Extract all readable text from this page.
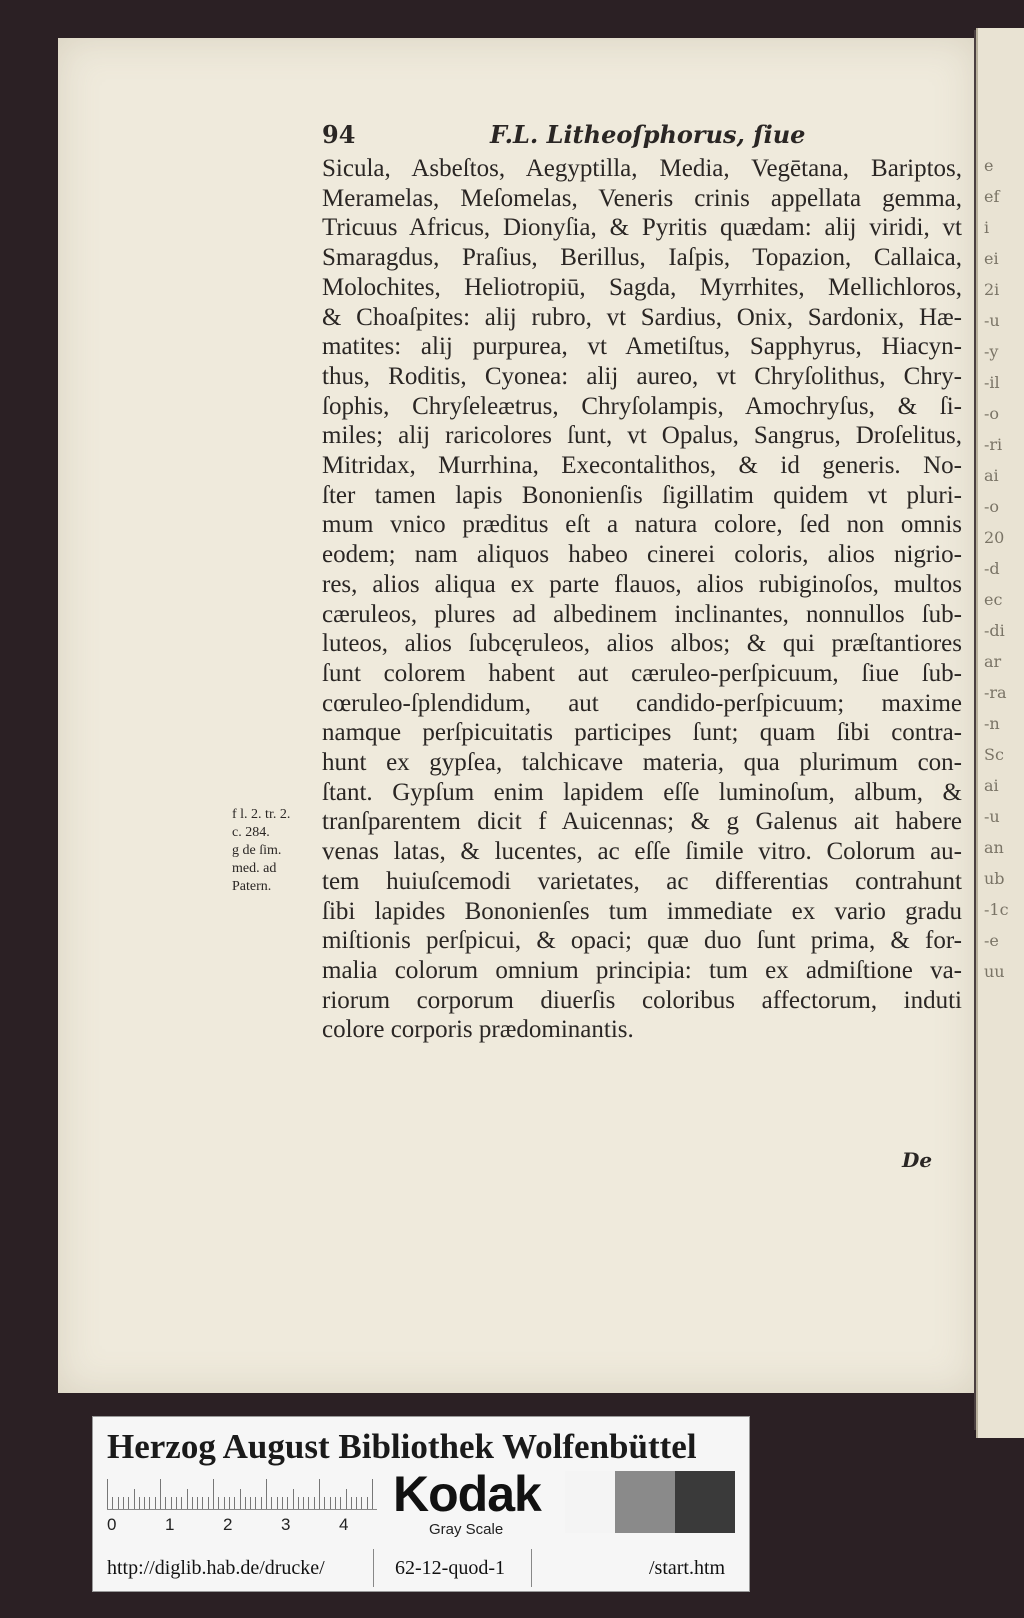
e
ef
i
ei
2i
-u
-y
-il
-o
-ri
ai
-o
20
-d
ec
-di
ar
-ra
-n
Sc
ai
-u
an
ub
-1c
-e
uu
94	F.L. Litheoſphorus, ſiue
Sicula, Asbeſtos, Aegyptilla, Media, Vegētana, Bariptos,
Meramelas, Meſomelas, Veneris crinis appellata gemma,
Tricuus Africus, Dionyſia, & Pyritis quædam: alij viridi, vt
Smaragdus, Praſius, Berillus, Iaſpis, Topazion, Callaica,
Molochites, Heliotropiū, Sagda, Myrrhites, Mellichloros,
& Choaſpites: alij rubro, vt Sardius, Onix, Sardonix, Hæ-
matites: alij purpurea, vt Ametiſtus, Sapphyrus, Hiacyn-
thus, Roditis, Cyonea: alij aureo, vt Chryſolithus, Chry-
ſophis, Chryſeleætrus, Chryſolampis, Amochryſus, & ſi-
miles; alij raricolores ſunt, vt Opalus, Sangrus, Droſelitus,
Mitridax, Murrhina, Execontalithos, & id generis. No-
ſter tamen lapis Bononienſis ſigillatim quidem vt pluri-
mum vnico præditus eſt a natura colore, ſed non omnis
eodem; nam aliquos habeo cinerei coloris, alios nigrio-
res, alios aliqua ex parte flauos, alios rubiginoſos, multos
cæruleos, plures ad albedinem inclinantes, nonnullos ſub-
luteos, alios ſubcęruleos, alios albos; & qui præſtantiores
ſunt colorem habent aut cæruleo-perſpicuum, ſiue ſub-
cœruleo-ſplendidum, aut candido-perſpicuum; maxime
namque perſpicuitatis participes ſunt; quam ſibi contra-
hunt ex gypſea, talchicave materia, qua plurimum con-
ſtant. Gypſum enim lapidem eſſe luminoſum, album, &
tranſparentem dicit f Auicennas; & g Galenus ait habere
venas latas, & lucentes, ac eſſe ſimile vitro. Colorum au-
tem huiuſcemodi varietates, ac differentias contrahunt
ſibi lapides Bononienſes tum immediate ex vario gradu
miſtionis perſpicui, & opaci; quæ duo ſunt prima, & for-
malia colorum omnium principia: tum ex admiſtione va-
riorum corporum diuerſis coloribus affectorum, induti
colore corporis prædominantis.
f l. 2. tr. 2.
c. 284.
g de ſim.
med. ad
Patern.
De
Herzog August Bibliothek Wolfenbüttel
0	1	2	3	4
Kodak
Gray Scale
http://diglib.hab.de/drucke/	62-12-quod-1	/start.htm
